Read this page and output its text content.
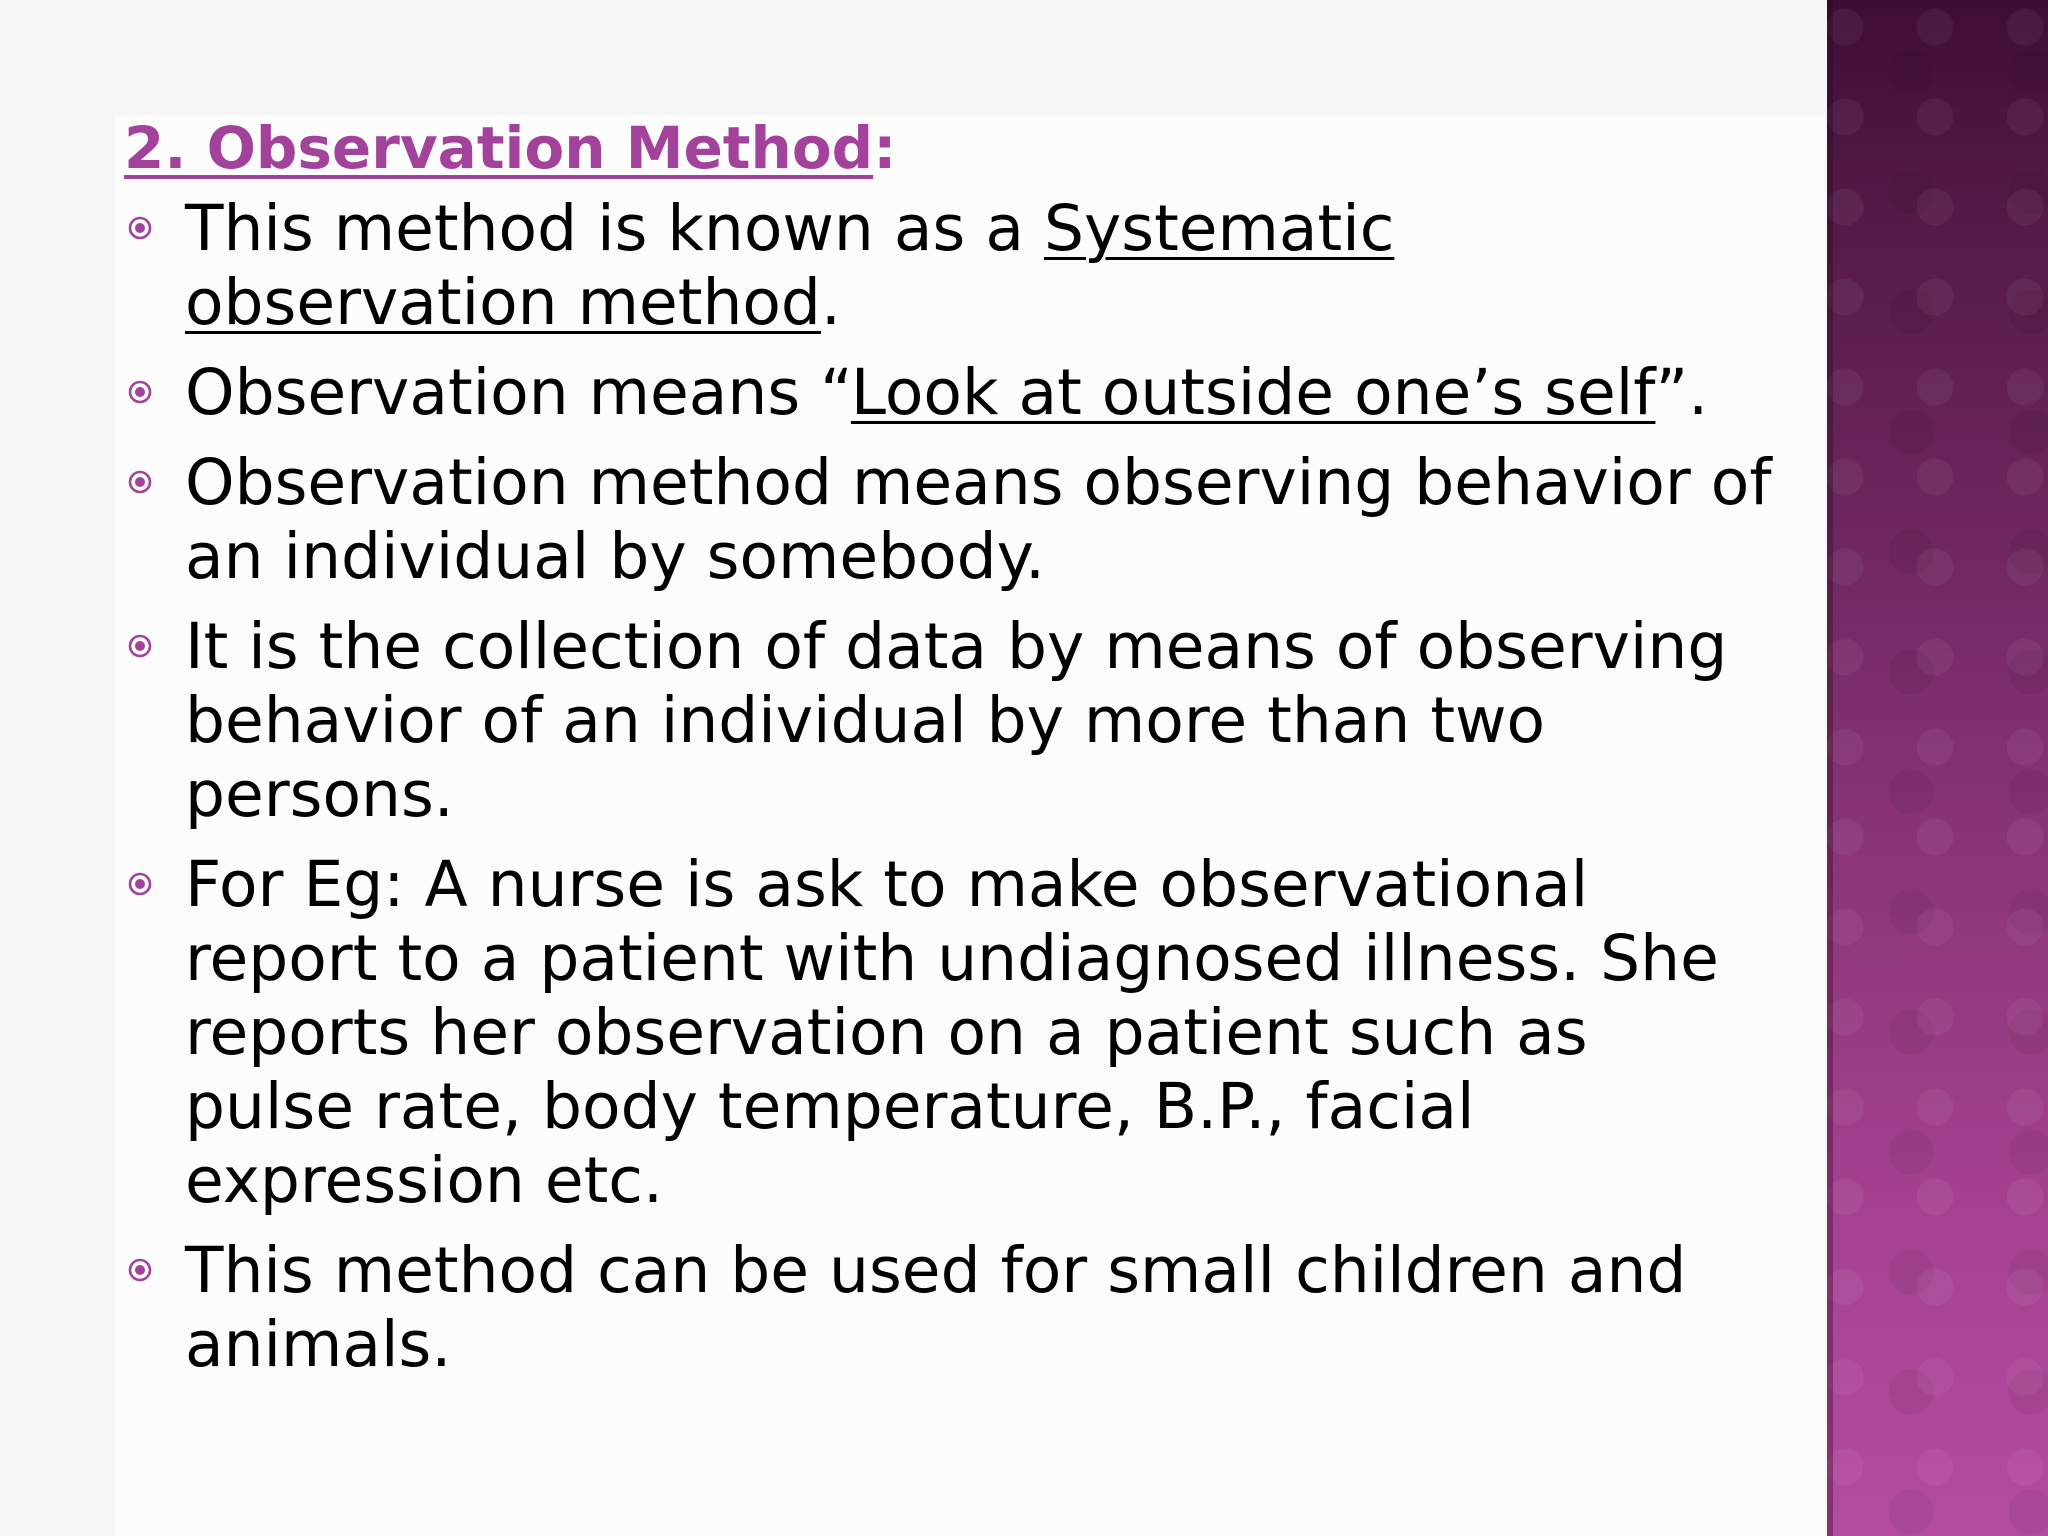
2. Observation Method:
This method is known as a Systematic
observation method.
Observation means “Look at outside one’s self”.
Observation method means observing behavior of
an individual by somebody.
It is the collection of data by means of observing
behavior of an individual by more than two
persons.
For Eg: A nurse is ask to make observational
report to a patient with undiagnosed illness. She
reports her observation on a patient such as
pulse rate, body temperature, B.P., facial
expression etc.
This method can be used for small children and
animals.
